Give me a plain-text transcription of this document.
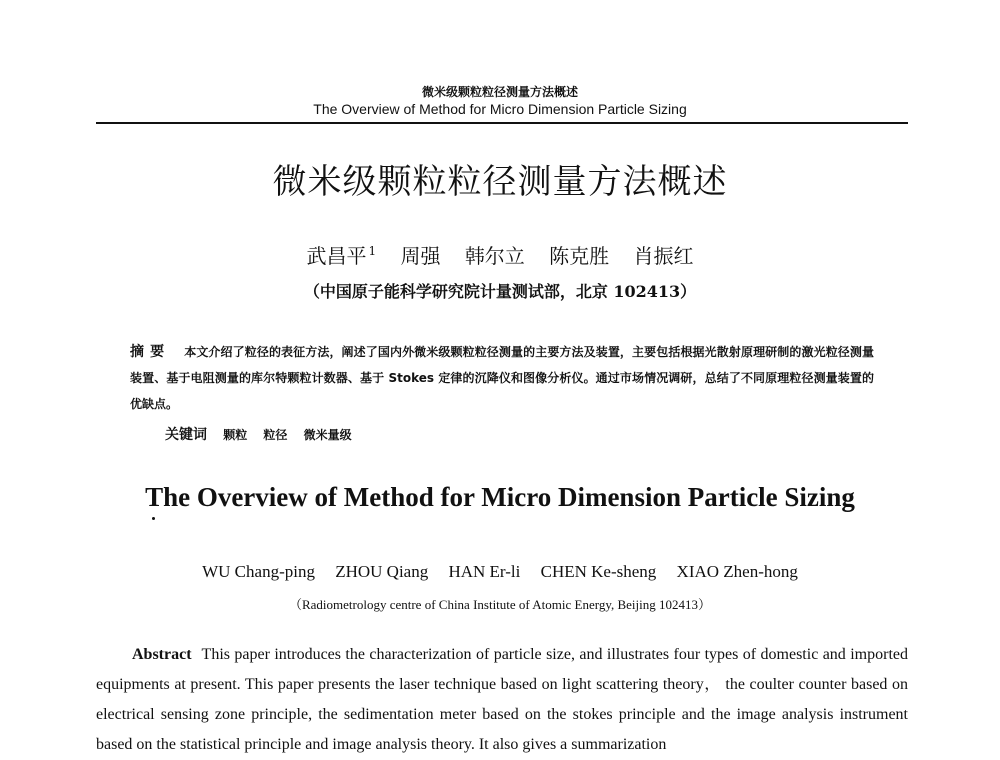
微米级颗粒粒径测量方法概述
The Overview of Method for Micro Dimension Particle Sizing
微米级颗粒粒径测量方法概述
武昌平 $^1$ 周强 韩尔立 陈克胜 肖振红
（中国原子能科学研究院计量测试部，北京 102413）
摘要 本文介绍了粒径的表征方法，阐述了国内外微米级颗粒粒径测量的主要方法及装置，主要包括根据光散射原理研制的激光粒径测量装置、基于电阻测量的库尔特颗粒计数器、基于 Stokes 定律的沉降仪和图像分析仪。通过市场情况调研，总结了不同原理粒径测量装置的优缺点。
关键词 颗粒 粒径 微米量级
The Overview of Method for Micro Dimension Particle Sizing
WU Chang-ping ZHOU Qiang HAN Er-li CHEN Ke-sheng XIAO Zhen-hong
（Radiometrology centre of China Institute of Atomic Energy, Beijing 102413）
Abstract This paper introduces the characterization of particle size, and illustrates four types of domestic and imported equipments at present. This paper presents the laser technique based on light scattering theory， the coulter counter based on electrical sensing zone principle, the sedimentation meter based on the stokes principle and the image analysis instrument based on the statistical principle and image analysis theory. It also gives a summarization
